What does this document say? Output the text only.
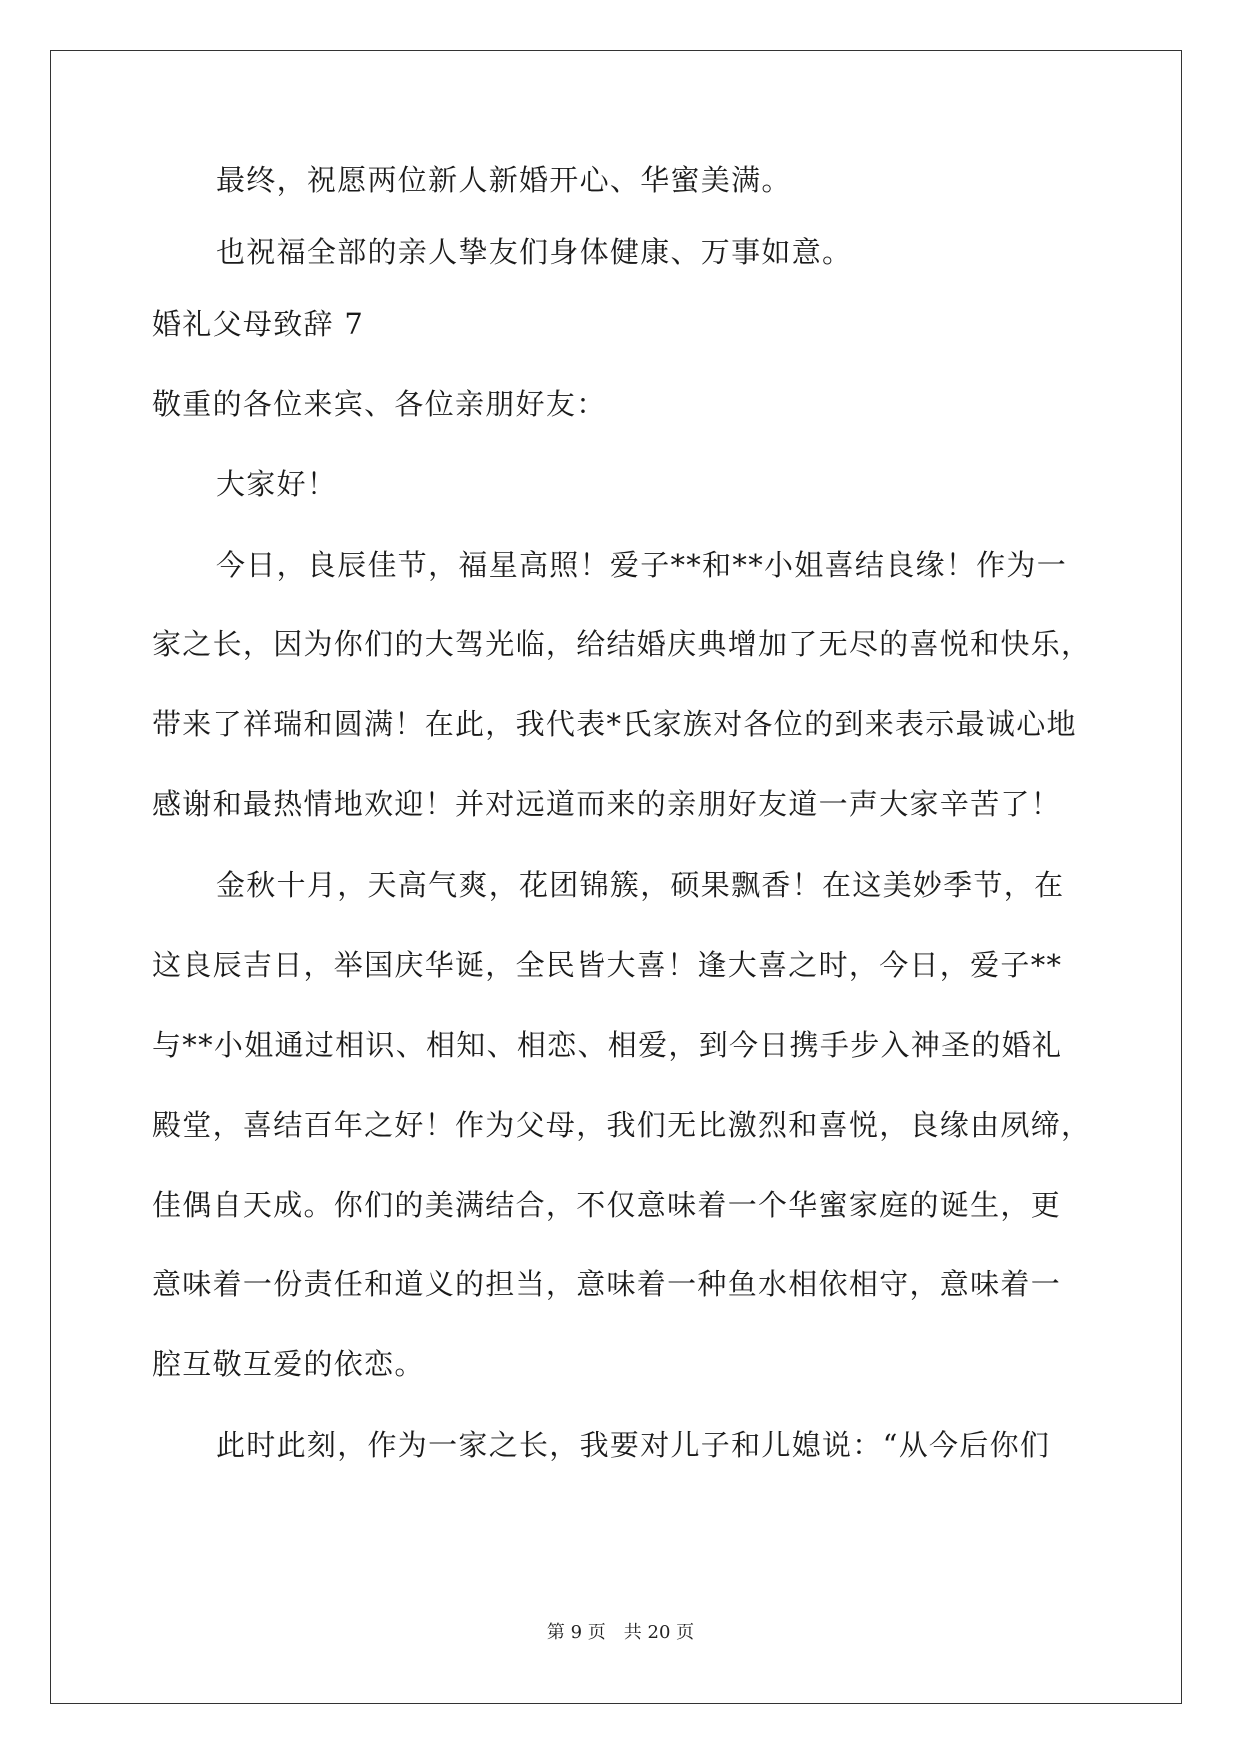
最终，祝愿两位新人新婚开心、华蜜美满。
也祝福全部的亲人挚友们身体健康、万事如意。
婚礼父母致辞 7
敬重的各位来宾、各位亲朋好友：
大家好！
今日，良辰佳节，福星高照！爱子**和**小姐喜结良缘！作为一
家之长，因为你们的大驾光临，给结婚庆典增加了无尽的喜悦和快乐，
带来了祥瑞和圆满！在此，我代表*氏家族对各位的到来表示最诚心地
感谢和最热情地欢迎！并对远道而来的亲朋好友道一声大家辛苦了！
金秋十月，天高气爽，花团锦簇，硕果飘香！在这美妙季节，在
这良辰吉日，举国庆华诞，全民皆大喜！逢大喜之时，今日，爱子**
与**小姐通过相识、相知、相恋、相爱，到今日携手步入神圣的婚礼
殿堂，喜结百年之好！作为父母，我们无比激烈和喜悦，良缘由夙缔，
佳偶自天成。你们的美满结合，不仅意味着一个华蜜家庭的诞生，更
意味着一份责任和道义的担当，意味着一种鱼水相依相守，意味着一
腔互敬互爱的依恋。
此时此刻，作为一家之长，我要对儿子和儿媳说：“从今后你们
第 9 页　共 20 页
